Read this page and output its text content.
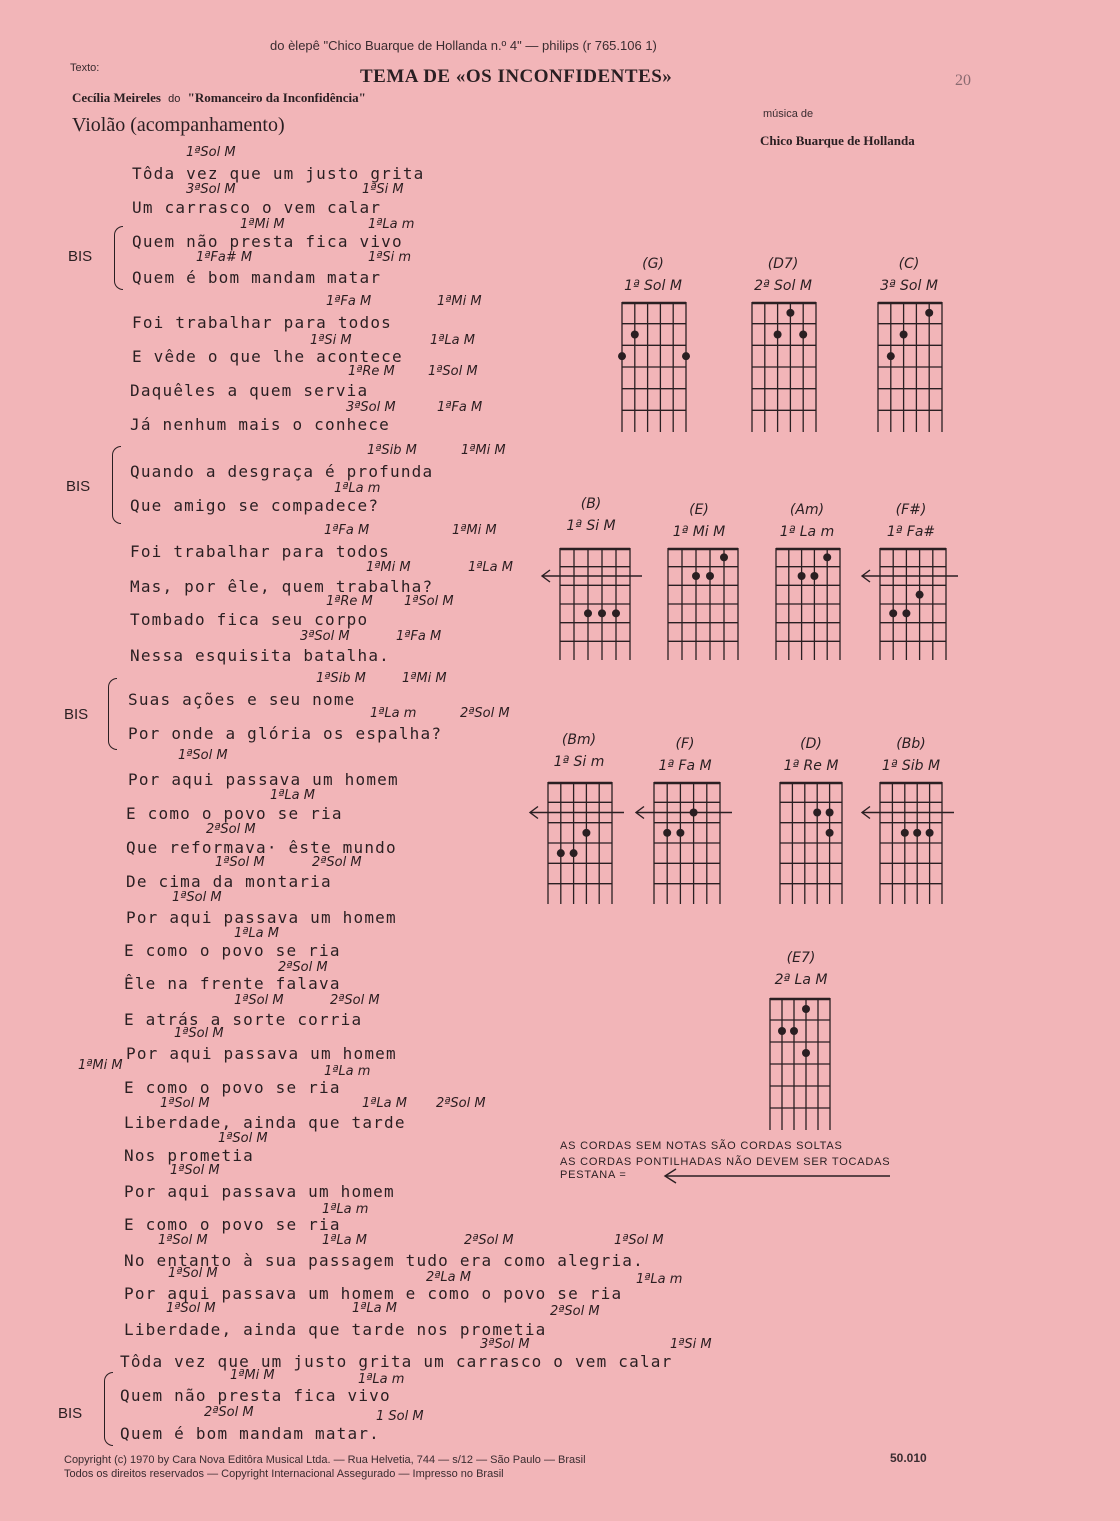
do èlepê "Chico Buarque de Hollanda n.º 4" — philips (r 765.106 1)
Texto:	TEMA DE «OS INCONFIDENTES»	20
Cecília Meireles do "Romanceiro da Inconfidência"
Violão (acompanhamento)	música de
Chico Buarque de Hollanda
Tôda vez que um justo grita
1ªSol M
Um carrasco o vem calar
3ªSol M	1ªSi M
Quem não presta fica vivo
1ªMi M	1ªLa m
Quem é bom mandam matar
1ªFa# M	1ªSi m
Foi trabalhar para todos
1ªFa M	1ªMi M
E vêde o que lhe acontece
1ªSi M	1ªLa M
Daquêles a quem servia
1ªRe M	1ªSol M
Já nenhum mais o conhece
3ªSol M	1ªFa M
Quando a desgraça é profunda
1ªSib M	1ªMi M
Que amigo se compadece?
1ªLa m
Foi trabalhar para todos
1ªFa M	1ªMi M
Mas, por êle, quem trabalha?
1ªMi M	1ªLa M
Tombado fica seu corpo
1ªRe M 1ªSol M
Nessa esquisita batalha.
3ªSol M	1ªFa M
Suas ações e seu nome
1ªSib M	1ªMi M
Por onde a glória os espalha?
1ªLa m	2ªSol M
Por aqui passava um homem
1ªSol M
E como o povo se ria
1ªLa M
Que reformava· êste mundo
2ªSol M
De cima da montaria
1ªSol M	2ªSol M
Por aqui passava um homem
1ªSol M
E como o povo se ria
1ªLa M
Êle na frente falava
2ªSol M
E atrás a sorte corria
1ªSol M	2ªSol M
Por aqui passava um homem
1ªSol M
E como o povo se ria
1ªMi M	1ªLa m
Liberdade, ainda que tarde
1ªSol M	1ªLa M 2ªSol M
Nos prometia
1ªSol M
Por aqui passava um homem
1ªSol M
E como o povo se ria
1ªLa m
No entanto à sua passagem tudo era como alegria.
1ªSol M	1ªLa M	2ªSol M	1ªSol M
Por aqui passava um homem e como o povo se ria
1ªSol M	2ªLa M	1ªLa m
Liberdade, ainda que tarde nos prometia
1ªSol M	1ªLa M	2ªSol M
Tôda vez que um justo grita um carrasco o vem calar
3ªSol M	1ªSi M
Quem não presta fica vivo
1ªMi M	1ªLa m
Quem é bom mandam matar.
2ªSol M	1 Sol M
BIS
BIS
BIS
BIS
(G)
1ª Sol M
(D7)
2ª Sol M
(C)
3ª Sol M
(B)
1ª Si M
(E)
1ª Mi M
(Am)
1ª La m
(F#)
1ª Fa#
(Bm)
1ª Si m
(F)
1ª Fa M
(D)
1ª Re M
(Bb)
1ª Sib M
(E7)
2ª La M
AS CORDAS SEM NOTAS SÃO CORDAS SOLTAS
AS CORDAS PONTILHADAS NÃO DEVEM SER TOCADAS
PESTANA =
Copyright (c) 1970 by Cara Nova Editôra Musical Ltda. — Rua Helvetia, 744 — s/12 — São Paulo — Brasil
Todos os direitos reservados — Copyright Internacional Assegurado — Impresso no Brasil
50.010
